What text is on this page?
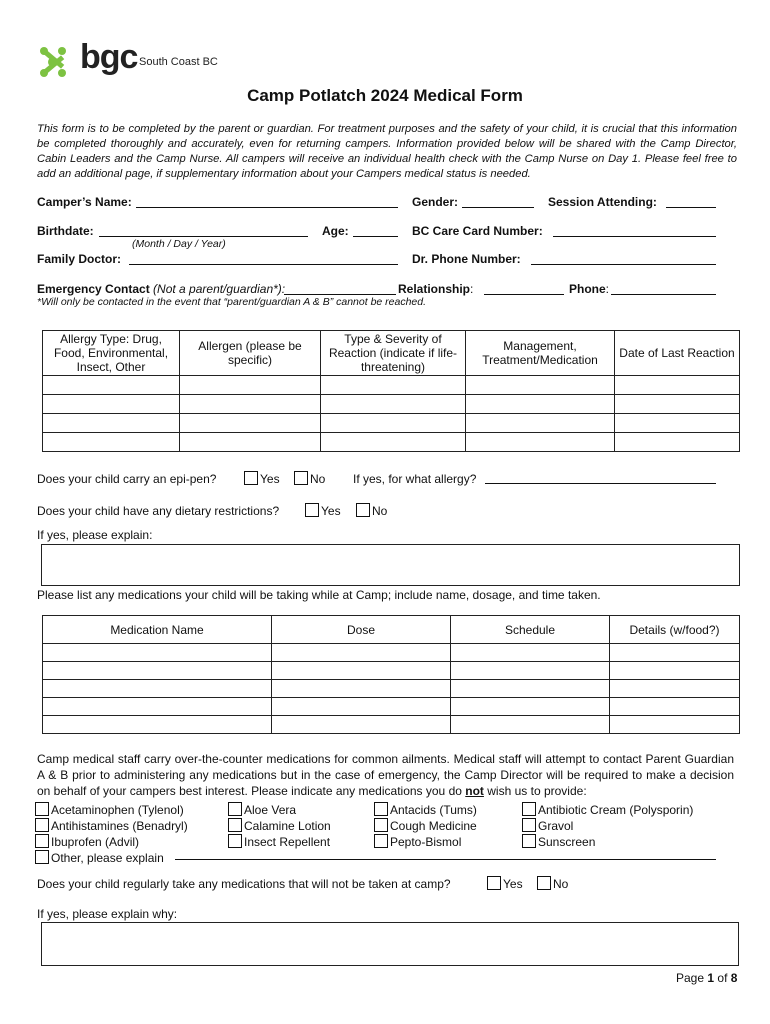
bgc South Coast BC
Camp Potlatch 2024 Medical Form
This form is to be completed by the parent or guardian. For treatment purposes and the safety of your child, it is crucial that this information be completed thoroughly and accurately, even for returning campers. Information provided below will be shared with the Camp Director, Cabin Leaders and the Camp Nurse. All campers will receive an individual health check with the Camp Nurse on Day 1. Please feel free to add an additional page, if supplementary information about your Campers medical status is needed.
Camper’s Name:	Gender:	Session Attending:
Birthdate:
(Month / Day / Year)
Age:	BC Care Card Number:
Family Doctor:	Dr. Phone Number:
Emergency Contact (Not a parent/guardian*):	Relationship:	Phone:
*Will only be contacted in the event that “parent/guardian A & B” cannot be reached.
Allergy Type: Drug, Food, Environmental, Insect, Other	Allergen (please be specific)	Type & Severity of Reaction (indicate if life-threatening)	Management, Treatment/Medication	Date of Last Reaction

Does your child carry an epi-pen?	Yes	No If yes, for what allergy?
Does your child have any dietary restrictions?	Yes	No
If yes, please explain:
Please list any medications your child will be taking while at Camp; include name, dosage, and time taken.
Medication Name	Dose	Schedule	Details (w/food?)

Camp medical staff carry over-the-counter medications for common ailments. Medical staff will attempt to contact Parent Guardian A & B prior to administering any medications but in the case of emergency, the Camp Director will be required to make a decision on behalf of your campers best interest. Please indicate any medications you do not wish us to provide:
Acetaminophen (Tylenol)
Antihistamines (Benadryl)
Ibuprofen (Advil)
Other, please explain
Aloe Vera
Calamine Lotion
Insect Repellent
Antacids (Tums)
Cough Medicine
Pepto-Bismol
Antibiotic Cream (Polysporin)
Gravol
Sunscreen
Does your child regularly take any medications that will not be taken at camp?	Yes	No
If yes, please explain why:
Page 1 of 8
